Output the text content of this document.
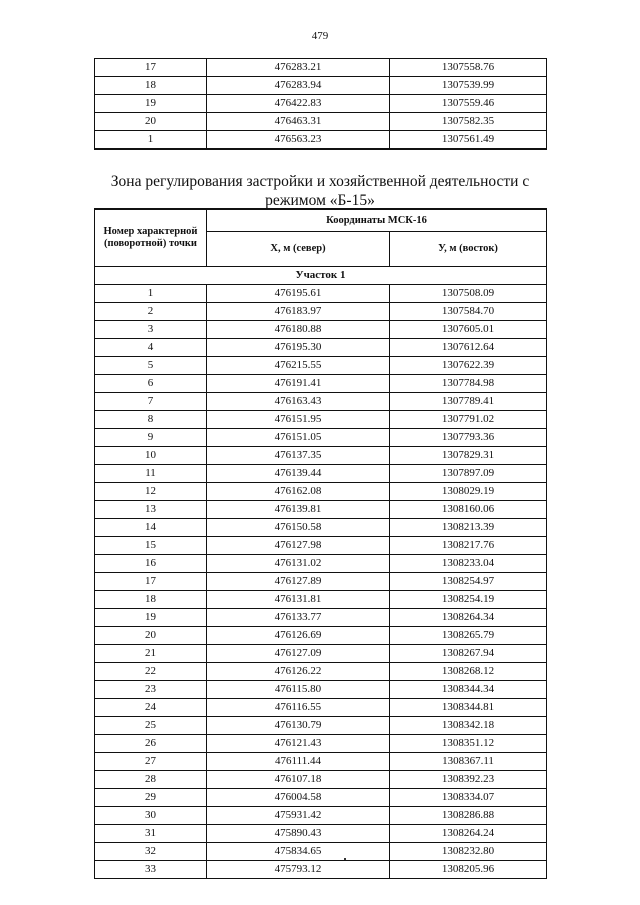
479
17	476283.21	1307558.76
18	476283.94	1307539.99
19	476422.83	1307559.46
20	476463.31	1307582.35
1	476563.23	1307561.49
Зона регулирования застройки и хозяйственной деятельности с режимом «Б-15»
Номер характерной (поворотной) точки	Координаты МСК-16	
	Х, м (север)	У, м (восток)
Участок 1		
1	476195.61	1307508.09
2	476183.97	1307584.70
3	476180.88	1307605.01
4	476195.30	1307612.64
5	476215.55	1307622.39
6	476191.41	1307784.98
7	476163.43	1307789.41
8	476151.95	1307791.02
9	476151.05	1307793.36
10	476137.35	1307829.31
11	476139.44	1307897.09
12	476162.08	1308029.19
13	476139.81	1308160.06
14	476150.58	1308213.39
15	476127.98	1308217.76
16	476131.02	1308233.04
17	476127.89	1308254.97
18	476131.81	1308254.19
19	476133.77	1308264.34
20	476126.69	1308265.79
21	476127.09	1308267.94
22	476126.22	1308268.12
23	476115.80	1308344.34
24	476116.55	1308344.81
25	476130.79	1308342.18
26	476121.43	1308351.12
27	476111.44	1308367.11
28	476107.18	1308392.23
29	476004.58	1308334.07
30	475931.42	1308286.88
31	475890.43	1308264.24
32	475834.65	1308232.80
33	475793.12	1308205.96
